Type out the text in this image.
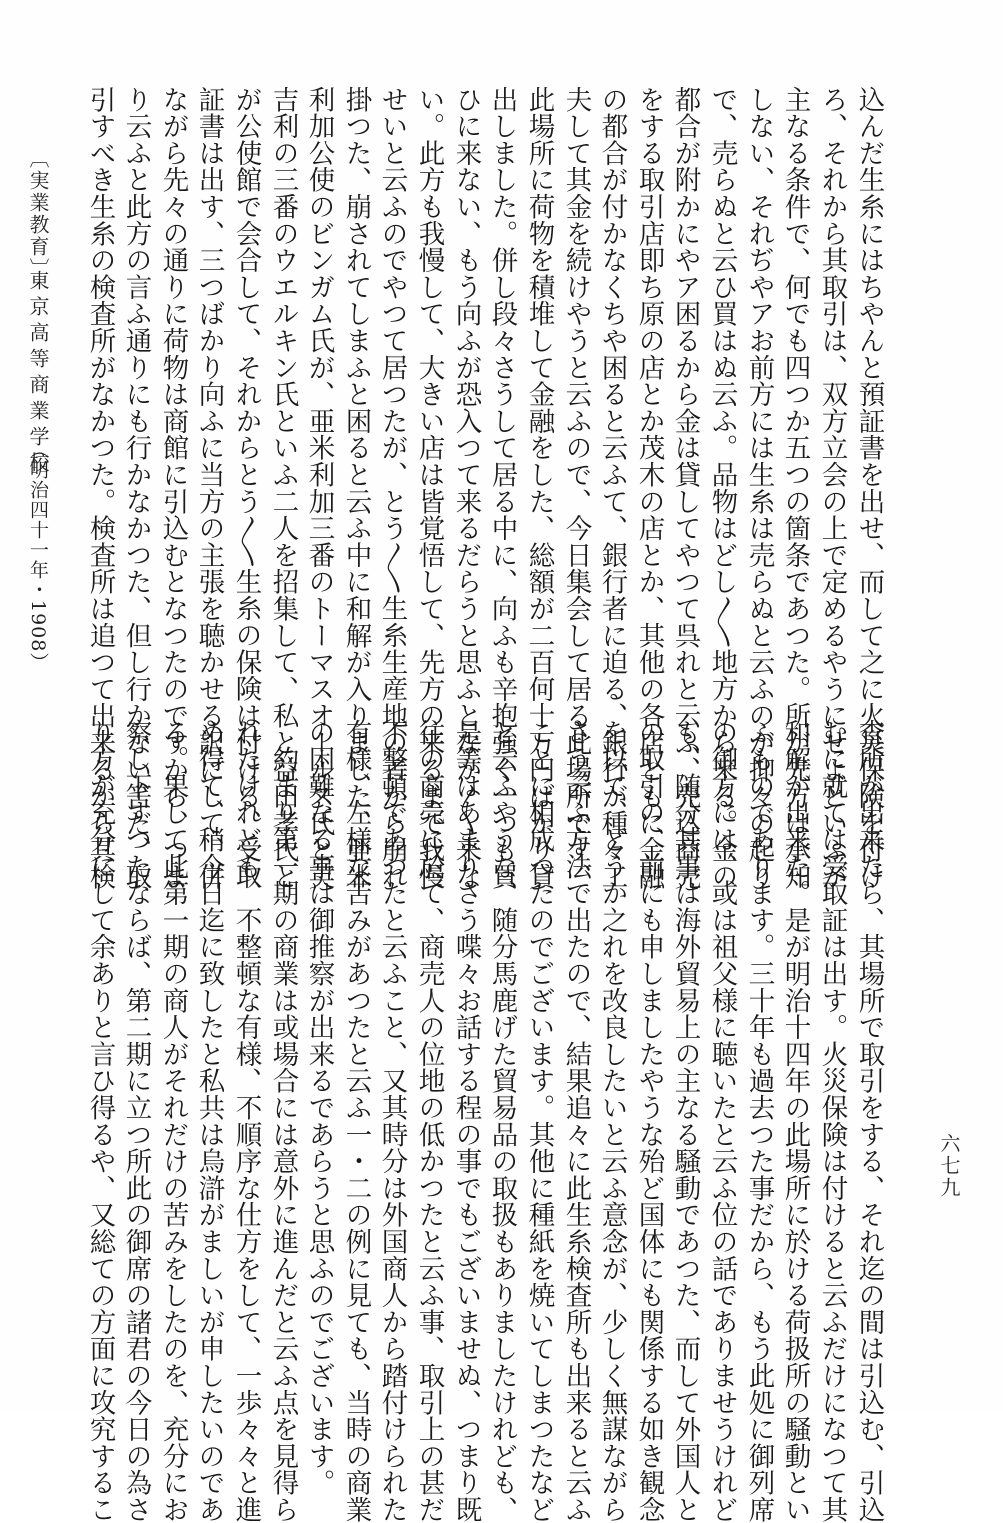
込んだ生糸にはちやんと預証書を出せ、而して之に火災保険を付け
ろ、それから其取引は、双方立会の上で定めるやうにせよといふが
主なる条件で、何でも四つか五つの箇条であつた。所が先方は承知
しない、それぢやアお前方には生糸は売らぬと云ふのが抑々の起り
で、売らぬと云ひ買はぬ云ふ。品物はどし〳〵地方から来る。金の
都合が附かにやア困るから金は貸してやつて呉れと云ふ、売込商売
をする取引店即ち原の店とか茂木の店とか、其他の各店ともに金融
の都合が付かなくちや困ると云ふて、銀行者に迫る、銀行が種々工
夫して其金を続けやうと云ふので、今日集会して居る此場所です、
此場所に荷物を積堆して金融をした、総額が二百何十万円ばかり貸
出しました。併し段々さうして居る中に、向ふも辛抱強く一つも買
ひに来ない、もう向ふが恐入つて来るだらうと思ふとなか〳〵来な
い。此方も我慢して、大きい店は皆覚悟して、先方の来るまで我慢
せいと云ふのでやつて居つたが、とう〳〵生糸生産地の者から崩れ
掛つた、崩されてしまふと困ると云ふ中に和解が入りました、亜米
利加公使のビンガム氏が、亜米利加三番のトーマスオールス氏と英
吉利の三番のウエルキン氏といふ二人を招集して、私と益田孝氏と
が公使館で会合して、それからとう〳〵生糸の保険は付ける、受取
証書は出す、三つばかり向ふに当方の主張を聴かせる訳にして、併
ながら先々の通りに荷物は商館に引込むとなつたのですから、つま
り云ふと此方の言ふ通りにも行かなかつた、但し行かない筈だ、取
引すべき生糸の検査所がなかつた。検査所は追つて出来るから其検
査所が出来たら、其場所で取引をする、それ迄の間は引込む、引込
むに就ては受取証は出す。火災保険は付けると云ふだけになつて其
和解が出来た。是が明治十四年の此場所に於ける荷扱所の騒動とい
ふものであります。三十年も過去つた事だから、もう此処に御列席
の御方には、或は祖父様に聴いたと云ふ位の話でありませうけれど
も、随分其事は海外貿易上の主なる騒動であつた、而して外国人と
の取引の、前にも申しましたやうな殆ど国体にも関係する如き観念
を以て、どうか之れを改良したいと云ふ意念が、少しく無謀ながら
さう云ふ方法で出たので、結果追々に此生糸検査所も出来ると云ふ
ことに相成つたのでございます。其他に種紙を焼いてしまつたなど
と云ふやうな、随分馬鹿げた貿易品の取扱もありましたけれども、
是等はあまりさう喋々お話する程の事でもございませぬ、つまり既
往の商売に於て、商売人の位地の低かつたと云ふ事、取引上の甚だ
不整頓であつたと云ふこと、又其時分は外国商人から踏付けられた
有様、左様な苦みがあつたと云ふ一・二の例に見ても、当時の商業
の困難なる事は御推察が出来るであらうと思ふのでございます。
　約まり第一期の商業は或場合には意外に進んだと云ふ点を見得ら
れたけれども、不整頓な有様、不順序な仕方をして、一歩々々と進
め得て、稍今日迄に致したと私共は烏滸がましいが申したいのであ
る。果して此第一期の商人がそれだけの苦みをしたのを、充分にお
察し下すつたならば、第二期に立つ所此の御席の諸君の今日の為さ
り方が充分にして余ありと言ひ得るや、又総ての方面に攻究するこ
〔実業教育〕
東京高等商業学校
（明治四十一年・1908）
六七九
